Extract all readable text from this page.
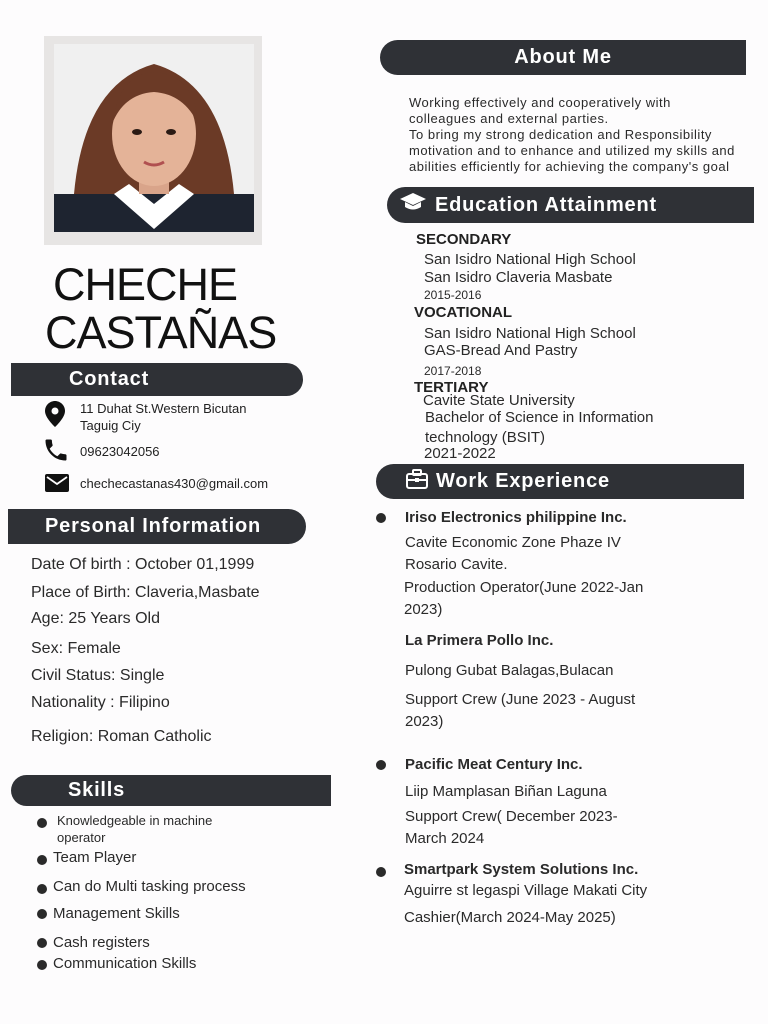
CHECHE
CASTAÑAS
Contact
11 Duhat St.Western Bicutan
Taguig Ciy
09623042056
chechecastanas430@gmail.com
Personal Information
Date Of birth : October 01,1999
Place of Birth: Claveria,Masbate
Age: 25 Years Old
Sex: Female
Civil Status: Single
Nationality : Filipino
Religion: Roman Catholic
Skills
Knowledgeable in machine operator
Team Player
Can do Multi tasking process
Management Skills
Cash registers
Communication Skills
About Me
Working effectively and cooperatively with
colleagues and external parties.
To bring my strong dedication and Responsibility
motivation and to enhance and utilized my skills and
abilities efficiently for achieving the company's goal
Education Attainment
SECONDARY
San Isidro National High School
San Isidro Claveria Masbate
2015-2016
VOCATIONAL
San Isidro National High School
GAS-Bread And Pastry
2017-2018
TERTIARY
Cavite State University
Bachelor of Science in Information
technology (BSIT)
2021-2022
Work Experience
Iriso Electronics philippine Inc.
Cavite Economic Zone Phaze IV
Rosario Cavite.
Production Operator(June 2022-Jan
2023)
La Primera Pollo Inc.
Pulong Gubat Balagas,Bulacan
Support Crew (June 2023 - August
2023)
Pacific Meat Century Inc.
Liip Mamplasan Biñan Laguna
Support Crew( December 2023-
March 2024
Smartpark System Solutions Inc.
Aguirre st legaspi Village Makati City
Cashier(March 2024-May 2025)
